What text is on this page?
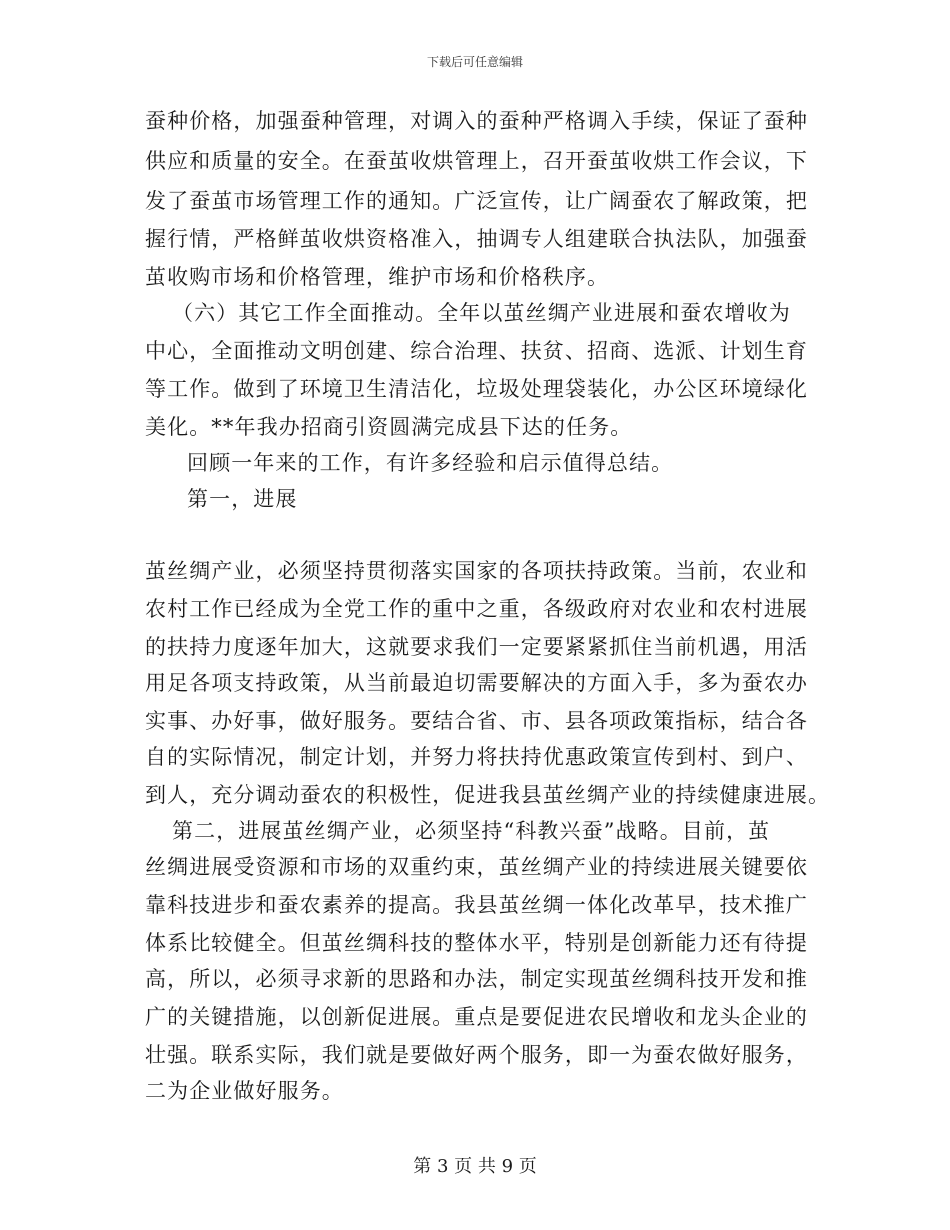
下载后可任意编辑
蚕种价格，加强蚕种管理，对调入的蚕种严格调入手续，保证了蚕种
供应和质量的安全。在蚕茧收烘管理上，召开蚕茧收烘工作会议，下
发了蚕茧市场管理工作的通知。广泛宣传，让广阔蚕农了解政策，把
握行情，严格鲜茧收烘资格准入，抽调专人组建联合执法队，加强蚕
茧收购市场和价格管理，维护市场和价格秩序。
（六）其它工作全面推动。全年以茧丝绸产业进展和蚕农增收为
中心，全面推动文明创建、综合治理、扶贫、招商、选派、计划生育
等工作。做到了环境卫生清洁化，垃圾处理袋装化，办公区环境绿化
美化。**年我办招商引资圆满完成县下达的任务。
回顾一年来的工作，有许多经验和启示值得总结。
第一，进展
茧丝绸产业，必须坚持贯彻落实国家的各项扶持政策。当前，农业和
农村工作已经成为全党工作的重中之重，各级政府对农业和农村进展
的扶持力度逐年加大，这就要求我们一定要紧紧抓住当前机遇，用活
用足各项支持政策，从当前最迫切需要解决的方面入手，多为蚕农办
实事、办好事，做好服务。要结合省、市、县各项政策指标，结合各
自的实际情况，制定计划，并努力将扶持优惠政策宣传到村、到户、
到人，充分调动蚕农的积极性，促进我县茧丝绸产业的持续健康进展。
第二，进展茧丝绸产业，必须坚持“科教兴蚕”战略。目前，茧
丝绸进展受资源和市场的双重约束，茧丝绸产业的持续进展关键要依
靠科技进步和蚕农素养的提高。我县茧丝绸一体化改革早，技术推广
体系比较健全。但茧丝绸科技的整体水平，特别是创新能力还有待提
高，所以，必须寻求新的思路和办法，制定实现茧丝绸科技开发和推
广的关键措施，以创新促进展。重点是要促进农民增收和龙头企业的
壮强。联系实际，我们就是要做好两个服务，即一为蚕农做好服务，
二为企业做好服务。
第 3 页 共 9 页
